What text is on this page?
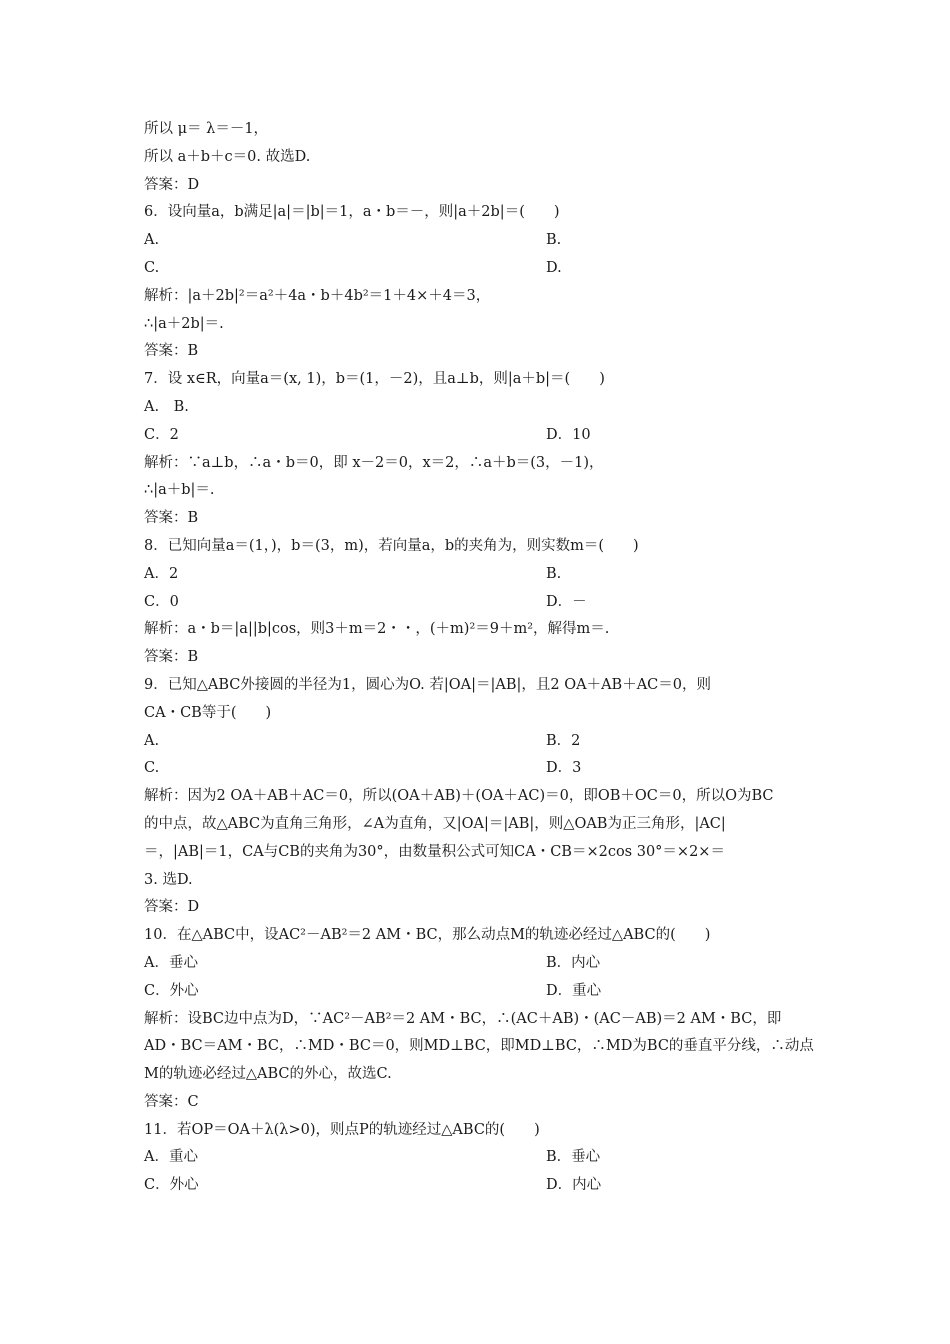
所以 μ＝ λ＝－1，
所以 a＋b＋c＝0. 故选D.
答案：D
6．设向量a，b满足|a|＝|b|＝1，a・b＝－，则|a＋2b|＝(　　)
A.	B.
C.	D.
解析：|a＋2b|²＝a²＋4a・b＋4b²＝1＋4×＋4＝3，
∴|a＋2b|＝.
答案：B
7．设 x∈R，向量a＝(x, 1)，b＝(1，－2)，且a⊥b，则|a＋b|＝(　　)
A.　B.
C．2	D．10
解析：∵a⊥b，∴a・b＝0，即 x－2＝0，x＝2，∴a＋b＝(3，－1)，
∴|a＋b|＝.
答案：B
8．已知向量a＝(1，)，b＝(3，m)，若向量a，b的夹角为，则实数m＝(　　)
A．2	B.
C．0	D．－
解析：a・b＝|a||b|cos，则3＋m＝2・・，(＋m)²＝9＋m²，解得m＝.
答案：B
9．已知△ABC外接圆的半径为1，圆心为O. 若|OA|＝|AB|，且2 OA＋AB＋AC＝0，则
CA・CB等于(　　)
A.	B．2
C.	D．3
解析：因为2 OA＋AB＋AC＝0，所以(OA＋AB)＋(OA＋AC)＝0，即OB＋OC＝0，所以O为BC
的中点，故△ABC为直角三角形，∠A为直角，又|OA|＝|AB|，则△OAB为正三角形，|AC|
＝，|AB|＝1，CA与CB的夹角为30°，由数量积公式可知CA・CB＝×2cos 30°＝×2×＝
3. 选D.
答案：D
10．在△ABC中，设AC²－AB²＝2 AM・BC，那么动点M的轨迹必经过△ABC的(　　)
A．垂心	B．内心
C．外心	D．重心
解析：设BC边中点为D，∵AC²－AB²＝2 AM・BC，∴(AC＋AB)・(AC－AB)＝2 AM・BC，即
AD・BC＝AM・BC，∴MD・BC＝0，则MD⊥BC，即MD⊥BC，∴MD为BC的垂直平分线，∴动点
M的轨迹必经过△ABC的外心，故选C.
答案：C
11．若OP＝OA＋λ(λ>0)，则点P的轨迹经过△ABC的(　　)
A．重心	B．垂心
C．外心	D．内心
